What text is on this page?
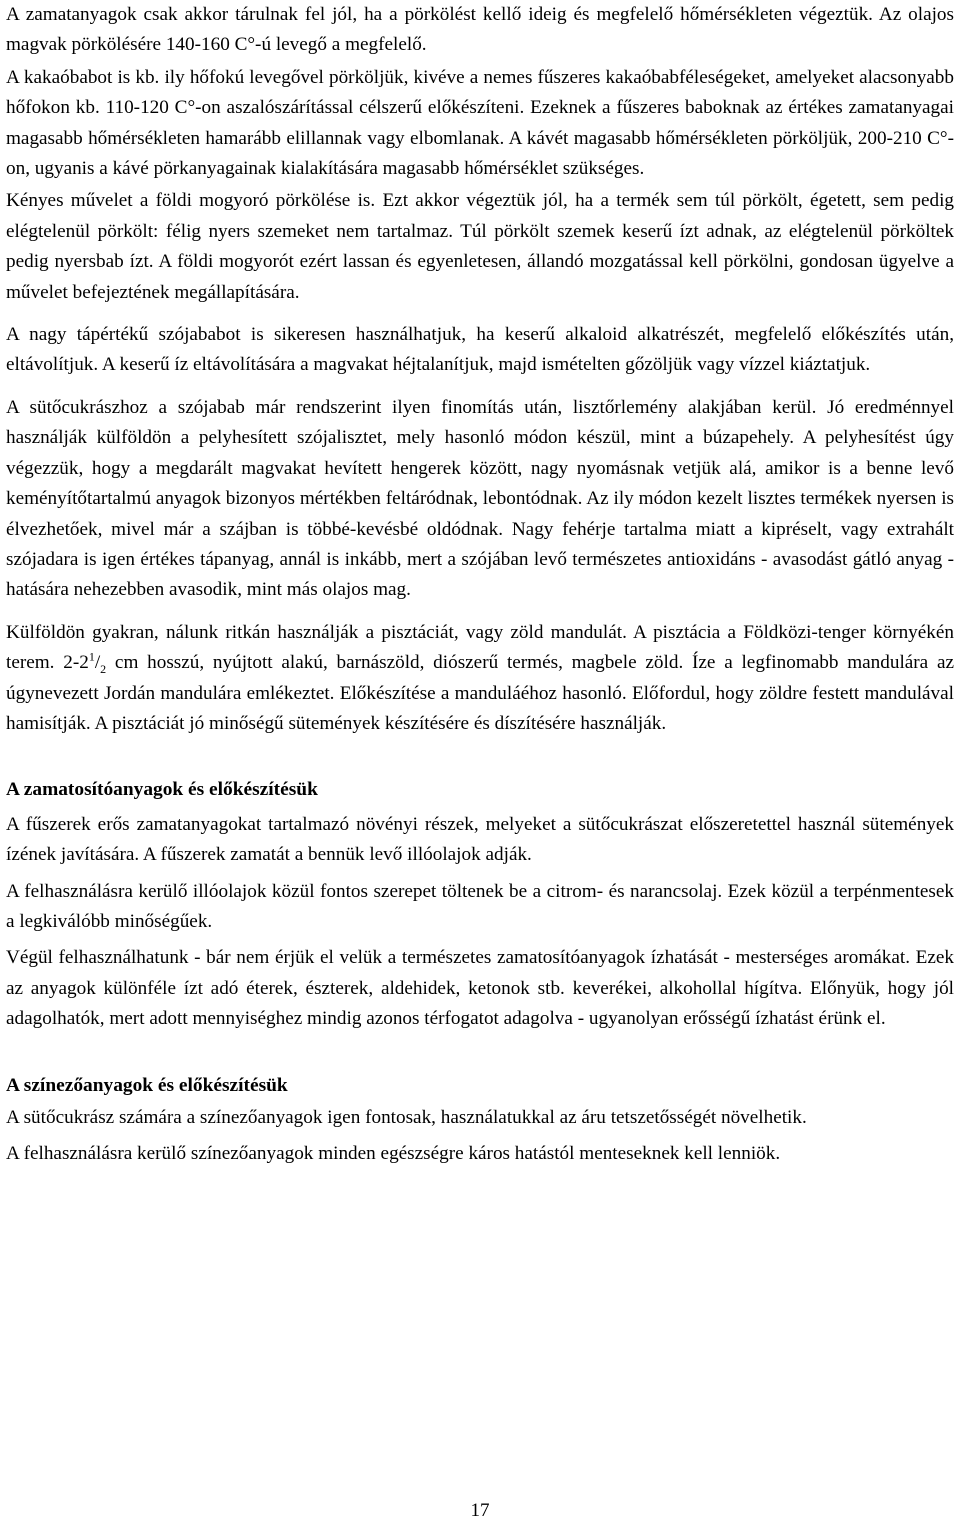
A zamatanyagok csak akkor tárulnak fel jól, ha a pörkölést kellő ideig és megfelelő hőmérsékleten végeztük. Az olajos magvak pörkölésére 140-160 C°-ú levegő a megfelelő.

A kakaóbabot is kb. ily hőfokú levegővel pörköljük, kivéve a nemes fűszeres kakaóbabféleségeket, amelyeket alacsonyabb hőfokon kb. 110-120 C°-on aszalószárítással célszerű előkészíteni. Ezeknek a fűszeres baboknak az értékes zamatanyagai magasabb hőmérsékleten hamarább elillannak vagy elbomlanak. A kávét magasabb hőmérsékleten pörköljük, 200-210 C°-on, ugyanis a kávé pörkanyagainak kialakítására magasabb hőmérséklet szükséges.

Kényes művelet a földi mogyoró pörkölése is. Ezt akkor végeztük jól, ha a termék sem túl pörkölt, égetett, sem pedig elégtelenül pörkölt: félig nyers szemeket nem tartalmaz. Túl pörkölt szemek keserű ízt adnak, az elégtelenül pörköltek pedig nyersbab ízt. A földi mogyorót ezért lassan és egyenletesen, állandó mozgatással kell pörkölni, gondosan ügyelve a művelet befejeztének megállapítására.

A nagy tápértékű szójababot is sikeresen használhatjuk, ha keserű alkaloid alkatrészét, megfelelő előkészítés után, eltávolítjuk. A keserű íz eltávolítására a magvakat héjtalanítjuk, majd ismételten gőzöljük vagy vízzel kiáztatjuk.

A sütőcukrászhoz a szójabab már rendszerint ilyen finomítás után, lisztőrlemény alakjában kerül. Jó eredménnyel használják külföldön a pelyhesített szójalisztet, mely hasonló módon készül, mint a búzapehely. A pelyhesítést úgy végezzük, hogy a megdarált magvakat hevített hengerek között, nagy nyomásnak vetjük alá, amikor is a benne levő keményítőtartalmú anyagok bizonyos mértékben feltáródnak, lebontódnak. Az ily módon kezelt lisztes termékek nyersen is élvezhetőek, mivel már a szájban is többé-kevésbé oldódnak. Nagy fehérje tartalma miatt a kipréselt, vagy extrahált szójadara is igen értékes tápanyag, annál is inkább, mert a szójában levő természetes antioxidáns - avasodást gátló anyag - hatására nehezebben avasodik, mint más olajos mag.

Külföldön gyakran, nálunk ritkán használják a pisztáciát, vagy zöld mandulát. A pisztácia a Földközi-tenger környékén terem. $2-2^1/_2$ cm hosszú, nyújtott alakú, barnászöld, diószerű termés, magbele zöld. Íze a legfinomabb mandulára az úgynevezett Jordán mandulára emlékeztet. Előkészítése a manduláéhoz hasonló. Előfordul, hogy zöldre festett mandulával hamisítják. A pisztáciát jó minőségű sütemények készítésére és díszítésére használják.

A zamatosítóanyagok és előkészítésük

A fűszerek erős zamatanyagokat tartalmazó növényi részek, melyeket a sütőcukrászat előszeretettel használ sütemények ízének javítására. A fűszerek zamatát a bennük levő illóolajok adják.

A felhasználásra kerülő illóolajok közül fontos szerepet töltenek be a citrom- és narancsolaj. Ezek közül a terpénmentesek a legkiválóbb minőségűek.

Végül felhasználhatunk - bár nem érjük el velük a természetes zamatosítóanyagok ízhatását - mesterséges aromákat. Ezek az anyagok különféle ízt adó éterek, észterek, aldehidek, ketonok stb. keverékei, alkohollal hígítva. Előnyük, hogy jól adagolhatók, mert adott mennyiséghez mindig azonos térfogatot adagolva - ugyanolyan erősségű ízhatást érünk el.

A színezőanyagok és előkészítésük

A sütőcukrász számára a színezőanyagok igen fontosak, használatukkal az áru tetszetősségét növelhetik.

A felhasználásra kerülő színezőanyagok minden egészségre káros hatástól menteseknek kell lenniök.

17
